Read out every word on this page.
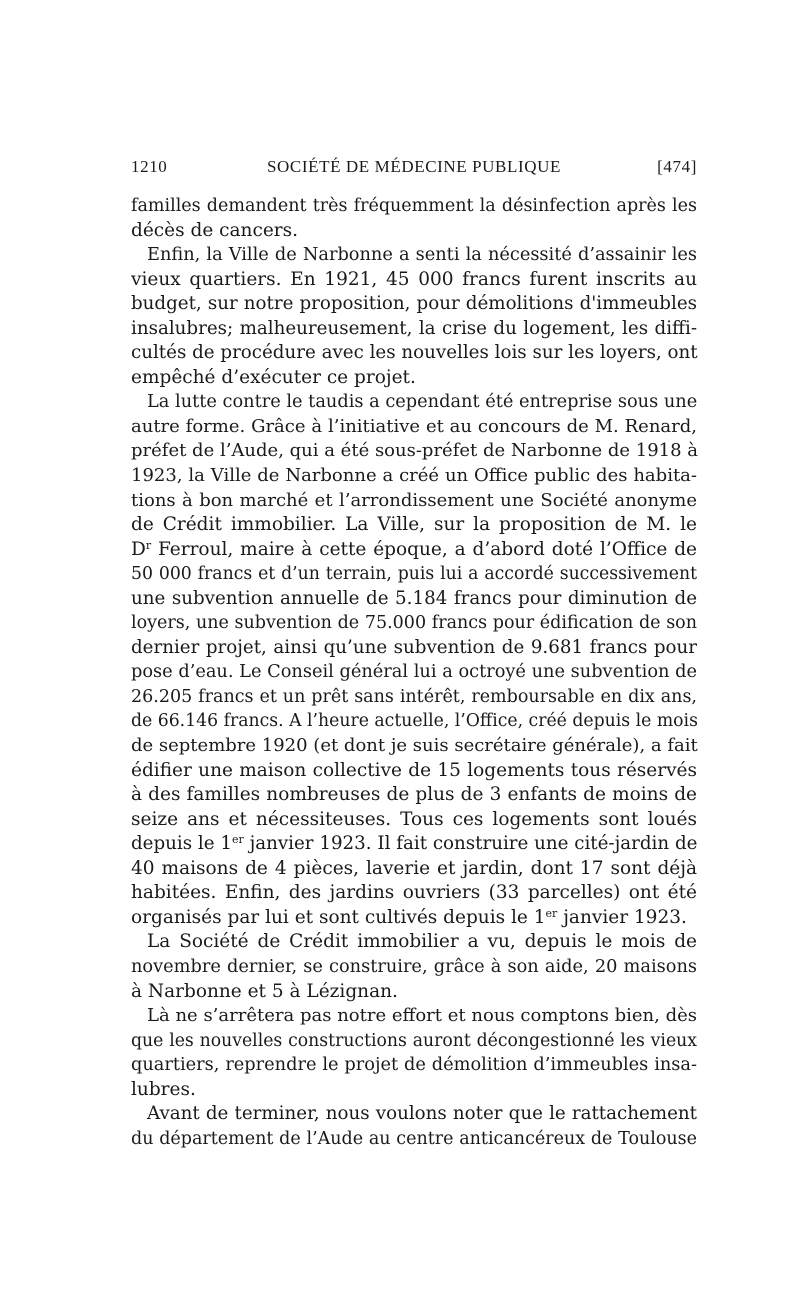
1210	SOCIÉTÉ DE MÉDECINE PUBLIQUE	[474]
familles demandent très fréquemment la désinfection après les
décès de cancers.
Enfin, la Ville de Narbonne a senti la nécessité d’assainir les
vieux quartiers. En 1921, 45 000 francs furent inscrits au
budget, sur notre proposition, pour démolitions d'immeubles
insalubres; malheureusement, la crise du logement, les diffi-
cultés de procédure avec les nouvelles lois sur les loyers, ont
empêché d’exécuter ce projet.
La lutte contre le taudis a cependant été entreprise sous une
autre forme. Grâce à l’initiative et au concours de M. Renard,
préfet de l’Aude, qui a été sous-préfet de Narbonne de 1918 à
1923, la Ville de Narbonne a créé un Office public des habita-
tions à bon marché et l’arrondissement une Société anonyme
de Crédit immobilier. La Ville, sur la proposition de M. le
$D^r$ Ferroul, maire à cette époque, a d’abord doté l’Office de
50 000 francs et d’un terrain, puis lui a accordé successivement
une subvention annuelle de 5.184 francs pour diminution de
loyers, une subvention de 75.000 francs pour édification de son
dernier projet, ainsi qu’une subvention de 9.681 francs pour
pose d’eau. Le Conseil général lui a octroyé une subvention de
26.205 francs et un prêt sans intérêt, remboursable en dix ans,
de 66.146 francs. A l’heure actuelle, l’Office, créé depuis le mois
de septembre 1920 (et dont je suis secrétaire générale), a fait
édifier une maison collective de 15 logements tous réservés
à des familles nombreuses de plus de 3 enfants de moins de
seize ans et nécessiteuses. Tous ces logements sont loués
depuis le 1er janvier 1923. Il fait construire une cité-jardin de
40 maisons de 4 pièces, laverie et jardin, dont 17 sont déjà
habitées. Enfin, des jardins ouvriers (33 parcelles) ont été
organisés par lui et sont cultivés depuis le 1er janvier 1923.
La Société de Crédit immobilier a vu, depuis le mois de
novembre dernier, se construire, grâce à son aide, 20 maisons
à Narbonne et 5 à Lézignan.
Là ne s’arrêtera pas notre effort et nous comptons bien, dès
que les nouvelles constructions auront décongestionné les vieux
quartiers, reprendre le projet de démolition d’immeubles insa-
lubres.
Avant de terminer, nous voulons noter que le rattachement
du département de l’Aude au centre anticancéreux de Toulouse
